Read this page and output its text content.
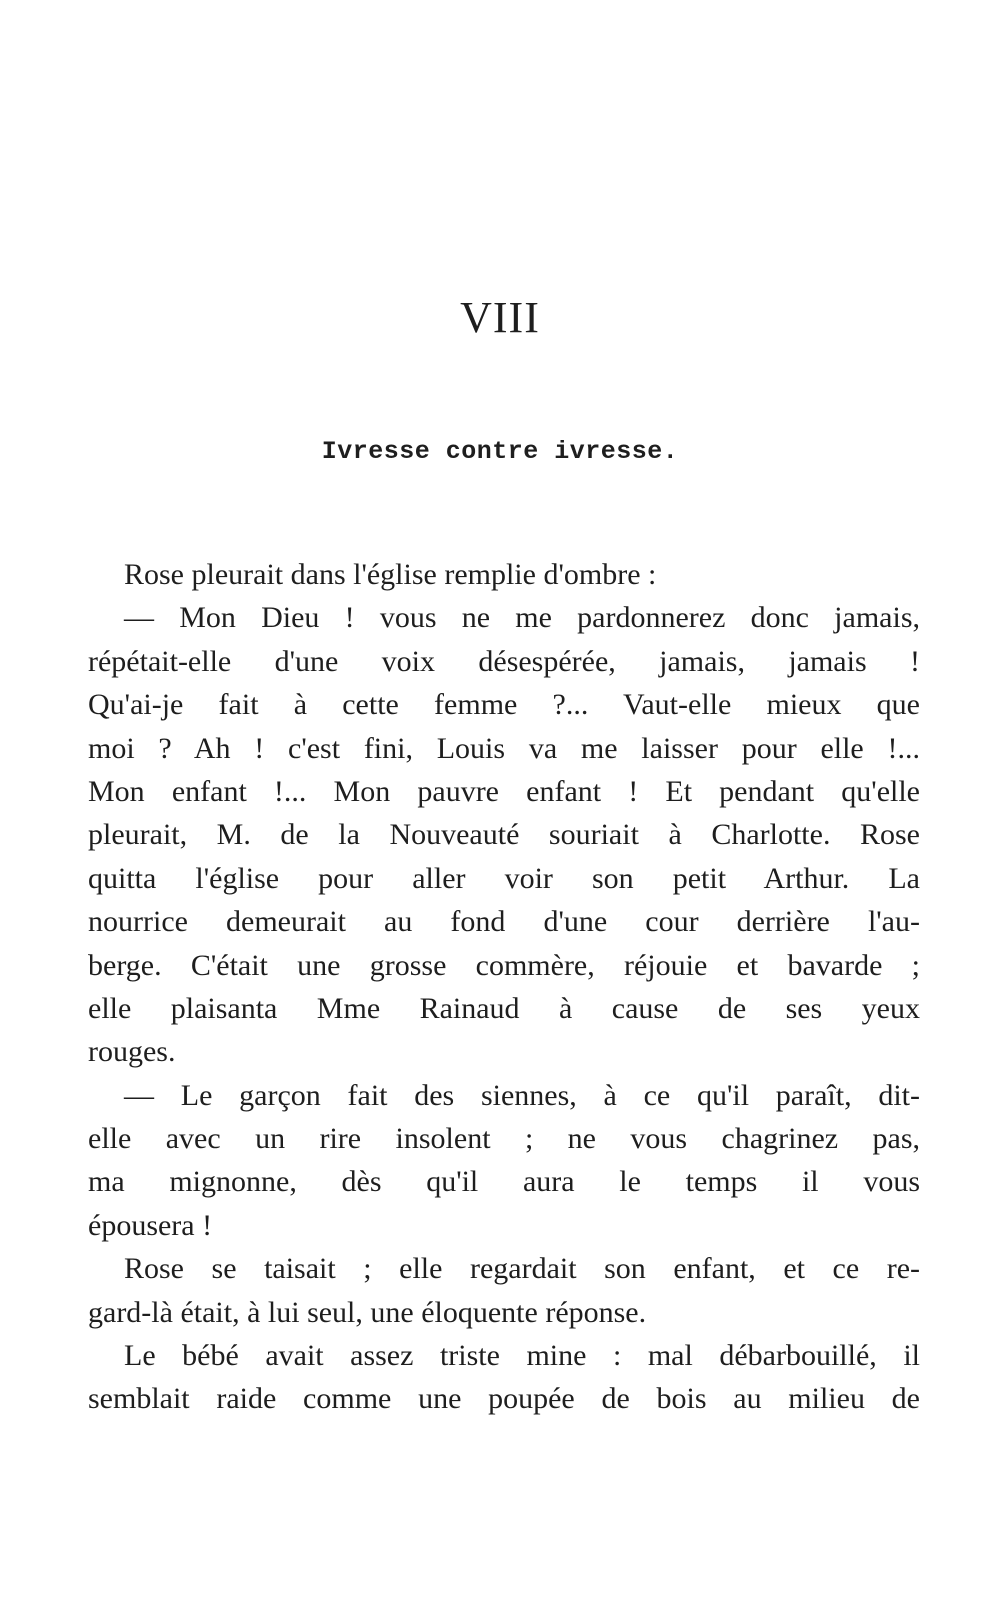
VIII
Ivresse contre ivresse.
Rose pleurait dans l'église remplie d'ombre :
— Mon Dieu ! vous ne me pardonnerez donc jamais,
répétait-elle d'une voix désespérée, jamais, jamais !
Qu'ai-je fait à cette femme ?... Vaut-elle mieux que
moi ? Ah ! c'est fini, Louis va me laisser pour elle !...
Mon enfant !... Mon pauvre enfant ! Et pendant qu'elle
pleurait, M. de la Nouveauté souriait à Charlotte. Rose
quitta l'église pour aller voir son petit Arthur. La
nourrice demeurait au fond d'une cour derrière l'au-
berge. C'était une grosse commère, réjouie et bavarde ;
elle plaisanta Mme Rainaud à cause de ses yeux
rouges.
— Le garçon fait des siennes, à ce qu'il paraît, dit-
elle avec un rire insolent ; ne vous chagrinez pas,
ma mignonne, dès qu'il aura le temps il vous
épousera !
Rose se taisait ; elle regardait son enfant, et ce re-
gard-là était, à lui seul, une éloquente réponse.
Le bébé avait assez triste mine : mal débarbouillé, il
semblait raide comme une poupée de bois au milieu de
